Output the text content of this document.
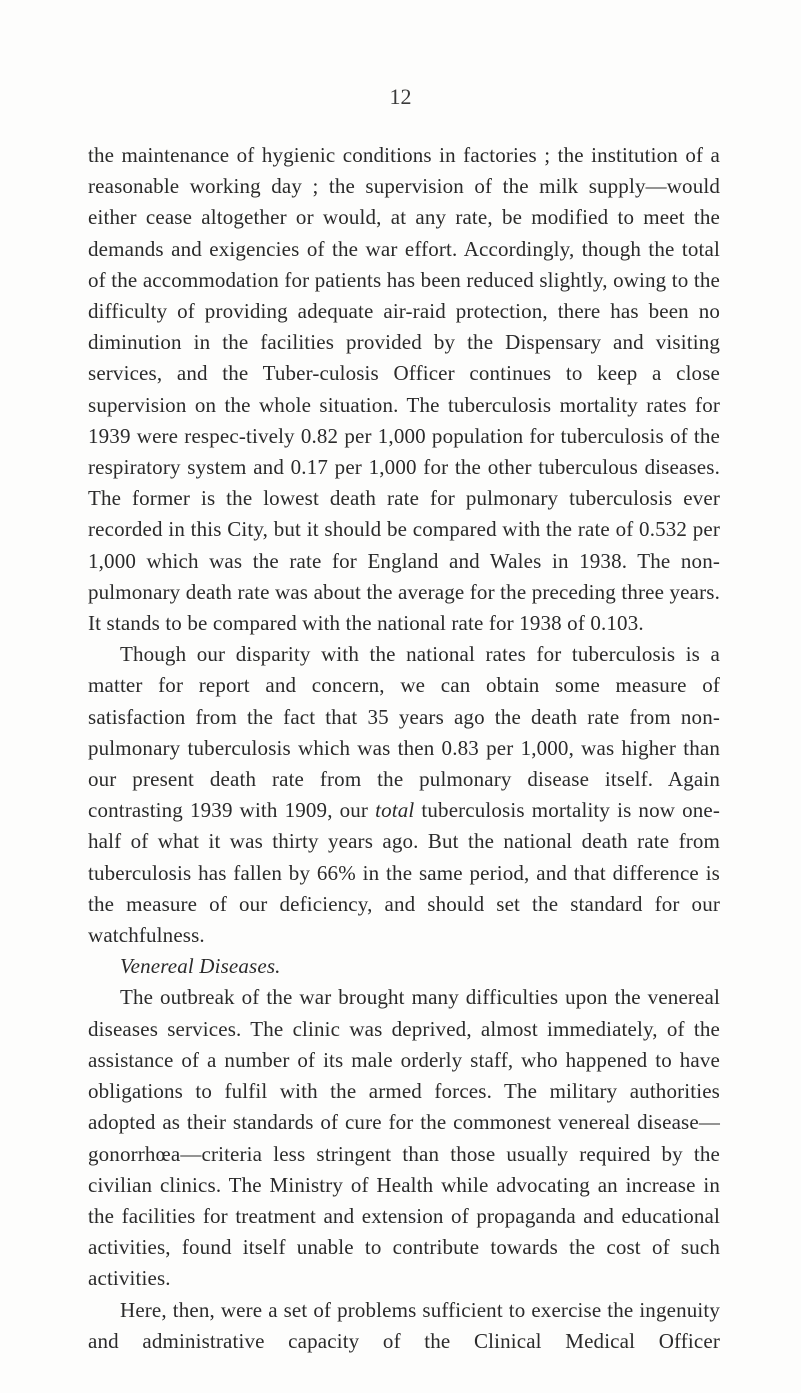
12

the maintenance of hygienic conditions in factories ; the institution of a reasonable working day ; the supervision of the milk supply—would either cease altogether or would, at any rate, be modified to meet the demands and exigencies of the war effort. Accordingly, though the total of the accommodation for patients has been reduced slightly, owing to the difficulty of providing adequate air-raid protection, there has been no diminution in the facilities provided by the Dispensary and visiting services, and the Tuber-culosis Officer continues to keep a close supervision on the whole situation. The tuberculosis mortality rates for 1939 were respec-tively 0.82 per 1,000 population for tuberculosis of the respiratory system and 0.17 per 1,000 for the other tuberculous diseases. The former is the lowest death rate for pulmonary tuberculosis ever recorded in this City, but it should be compared with the rate of 0.532 per 1,000 which was the rate for England and Wales in 1938. The non-pulmonary death rate was about the average for the preceding three years. It stands to be compared with the national rate for 1938 of 0.103.

Though our disparity with the national rates for tuberculosis is a matter for report and concern, we can obtain some measure of satisfaction from the fact that 35 years ago the death rate from non-pulmonary tuberculosis which was then 0.83 per 1,000, was higher than our present death rate from the pulmonary disease itself. Again contrasting 1939 with 1909, our total tuberculosis mortality is now one-half of what it was thirty years ago. But the national death rate from tuberculosis has fallen by 66% in the same period, and that difference is the measure of our deficiency, and should set the standard for our watchfulness.

Venereal Diseases.

The outbreak of the war brought many difficulties upon the venereal diseases services. The clinic was deprived, almost immediately, of the assistance of a number of its male orderly staff, who happened to have obligations to fulfil with the armed forces. The military authorities adopted as their standards of cure for the commonest venereal disease—gonorrhœa—criteria less stringent than those usually required by the civilian clinics. The Ministry of Health while advocating an increase in the facilities for treatment and extension of propaganda and educational activities, found itself unable to contribute towards the cost of such activities.

Here, then, were a set of problems sufficient to exercise the ingenuity and administrative capacity of the Clinical Medical Officer
